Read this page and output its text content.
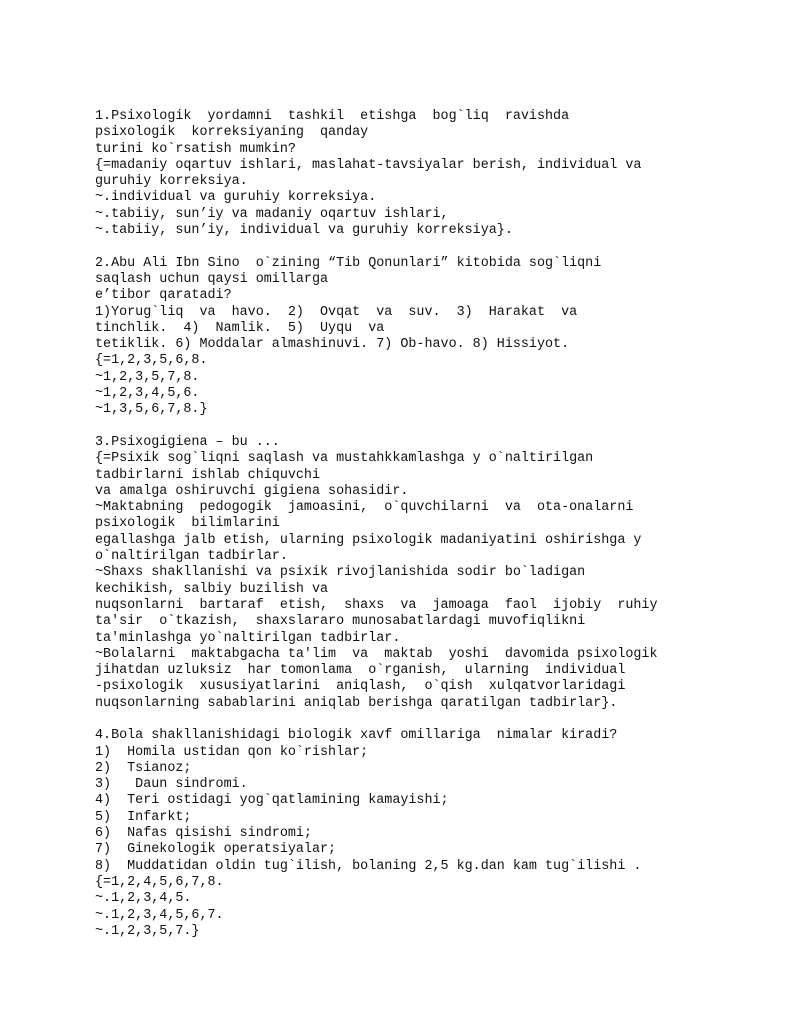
1.Psixologik  yordamni  tashkil  etishga  bog`liq  ravishda
psixologik  korreksiyaning  qanday
turini ko`rsatish mumkin?
{=madaniy oqartuv ishlari, maslahat-tavsiyalar berish, individual va
guruhiy korreksiya.
~.individual va guruhiy korreksiya.
~.tabiiy, sun’iy va madaniy oqartuv ishlari,
~.tabiiy, sun’iy, individual va guruhiy korreksiya}.
2.Abu Ali Ibn Sino  o`zining “Tib Qonunlari” kitobida sog`liqni
saqlash uchun qaysi omillarga
e’tibor qaratadi?
1)Yorug`liq  va  havo.  2)  Ovqat  va  suv.  3)  Harakat  va
tinchlik.  4)  Namlik.  5)  Uyqu  va
tetiklik. 6) Moddalar almashinuvi. 7) Ob-havo. 8) Hissiyot.
{=1,2,3,5,6,8.
~1,2,3,5,7,8.
~1,2,3,4,5,6.
~1,3,5,6,7,8.}
3.Psixogigiena – bu ...
{=Psixik sog`liqni saqlash va mustahkkamlashga y o`naltirilgan
tadbirlarni ishlab chiquvchi
va amalga oshiruvchi gigiena sohasidir.
~Maktabning  pedogogik  jamoasini,  o`quvchilarni  va  ota-onalarni
psixologik  bilimlarini
egallashga jalb etish, ularning psixologik madaniyatini oshirishga y
o`naltirilgan tadbirlar.
~Shaxs shakllanishi va psixik rivojlanishida sodir bo`ladigan
kechikish, salbiy buzilish va
nuqsonlarni  bartaraf  etish,  shaxs  va  jamoaga  faol  ijobiy  ruhiy
ta'sir  o`tkazish,  shaxslararo munosabatlardagi muvofiqlikni
ta'minlashga yo`naltirilgan tadbirlar.
~Bolalarni  maktabgacha ta'lim  va  maktab  yoshi  davomida psixologik
jihatdan uzluksiz  har tomonlama  o`rganish,  ularning  individual
-psixologik  xususiyatlarini  aniqlash,  o`qish  xulqatvorlaridagi
nuqsonlarning sabablarini aniqlab berishga qaratilgan tadbirlar}.
4.Bola shakllanishidagi biologik xavf omillariga  nimalar kiradi?
1)  Homila ustidan qon ko`rishlar;
2)  Tsianoz;
3)   Daun sindromi.
4)  Teri ostidagi yog`qatlamining kamayishi;
5)  Infarkt;
6)  Nafas qisishi sindromi;
7)  Ginekologik operatsiyalar;
8)  Muddatidan oldin tug`ilish, bolaning 2,5 kg.dan kam tug`ilishi .
{=1,2,4,5,6,7,8.
~.1,2,3,4,5.
~.1,2,3,4,5,6,7.
~.1,2,3,5,7.}
